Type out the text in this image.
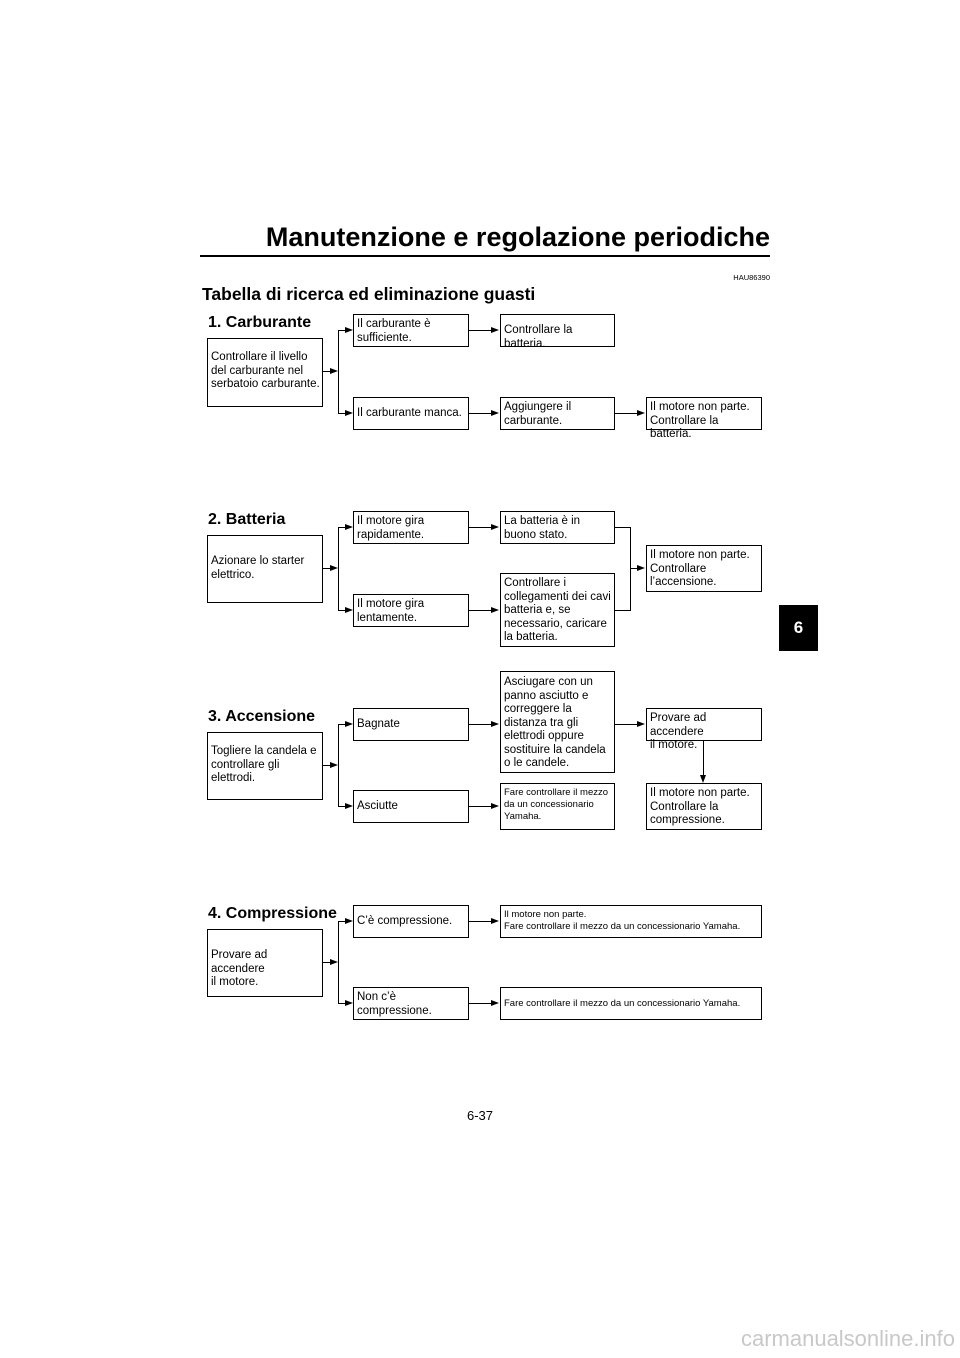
Manutenzione e regolazione periodiche
HAU86390
Tabella di ricerca ed eliminazione guasti
6
1. Carburante
Controllare il livello
del carburante nel
serbatoio carburante.
Il carburante è
sufficiente.
Controllare la batteria.
Il carburante manca.	Aggiungere il
carburante.
Il motore non parte.
Controllare la batteria.
2. Batteria
Azionare lo starter
elettrico.
Il motore gira
rapidamente.
La batteria è in
buono stato.
Il motore gira
lentamente.
Controllare i
collegamenti dei cavi
batteria e, se
necessario, caricare
la batteria.
Il motore non parte.
Controllare
l’accensione.
3. Accensione
Togliere la candela e
controllare gli
elettrodi.
Bagnate
Asciugare con un
panno asciutto e
correggere la
distanza tra gli
elettrodi oppure
sostituire la candela
o le candele.
Provare ad accendere
il motore.
Asciutte
Fare controllare il mezzo
da un concessionario
Yamaha.
Il motore non parte.
Controllare la
compressione.
4. Compressione
Provare ad accendere
il motore.
C’è compressione.
Il motore non parte.
Fare controllare il mezzo da un concessionario Yamaha.
Non c’è
compressione.
Fare controllare il mezzo da un concessionario Yamaha.
6-37
carmanualsonline.info
